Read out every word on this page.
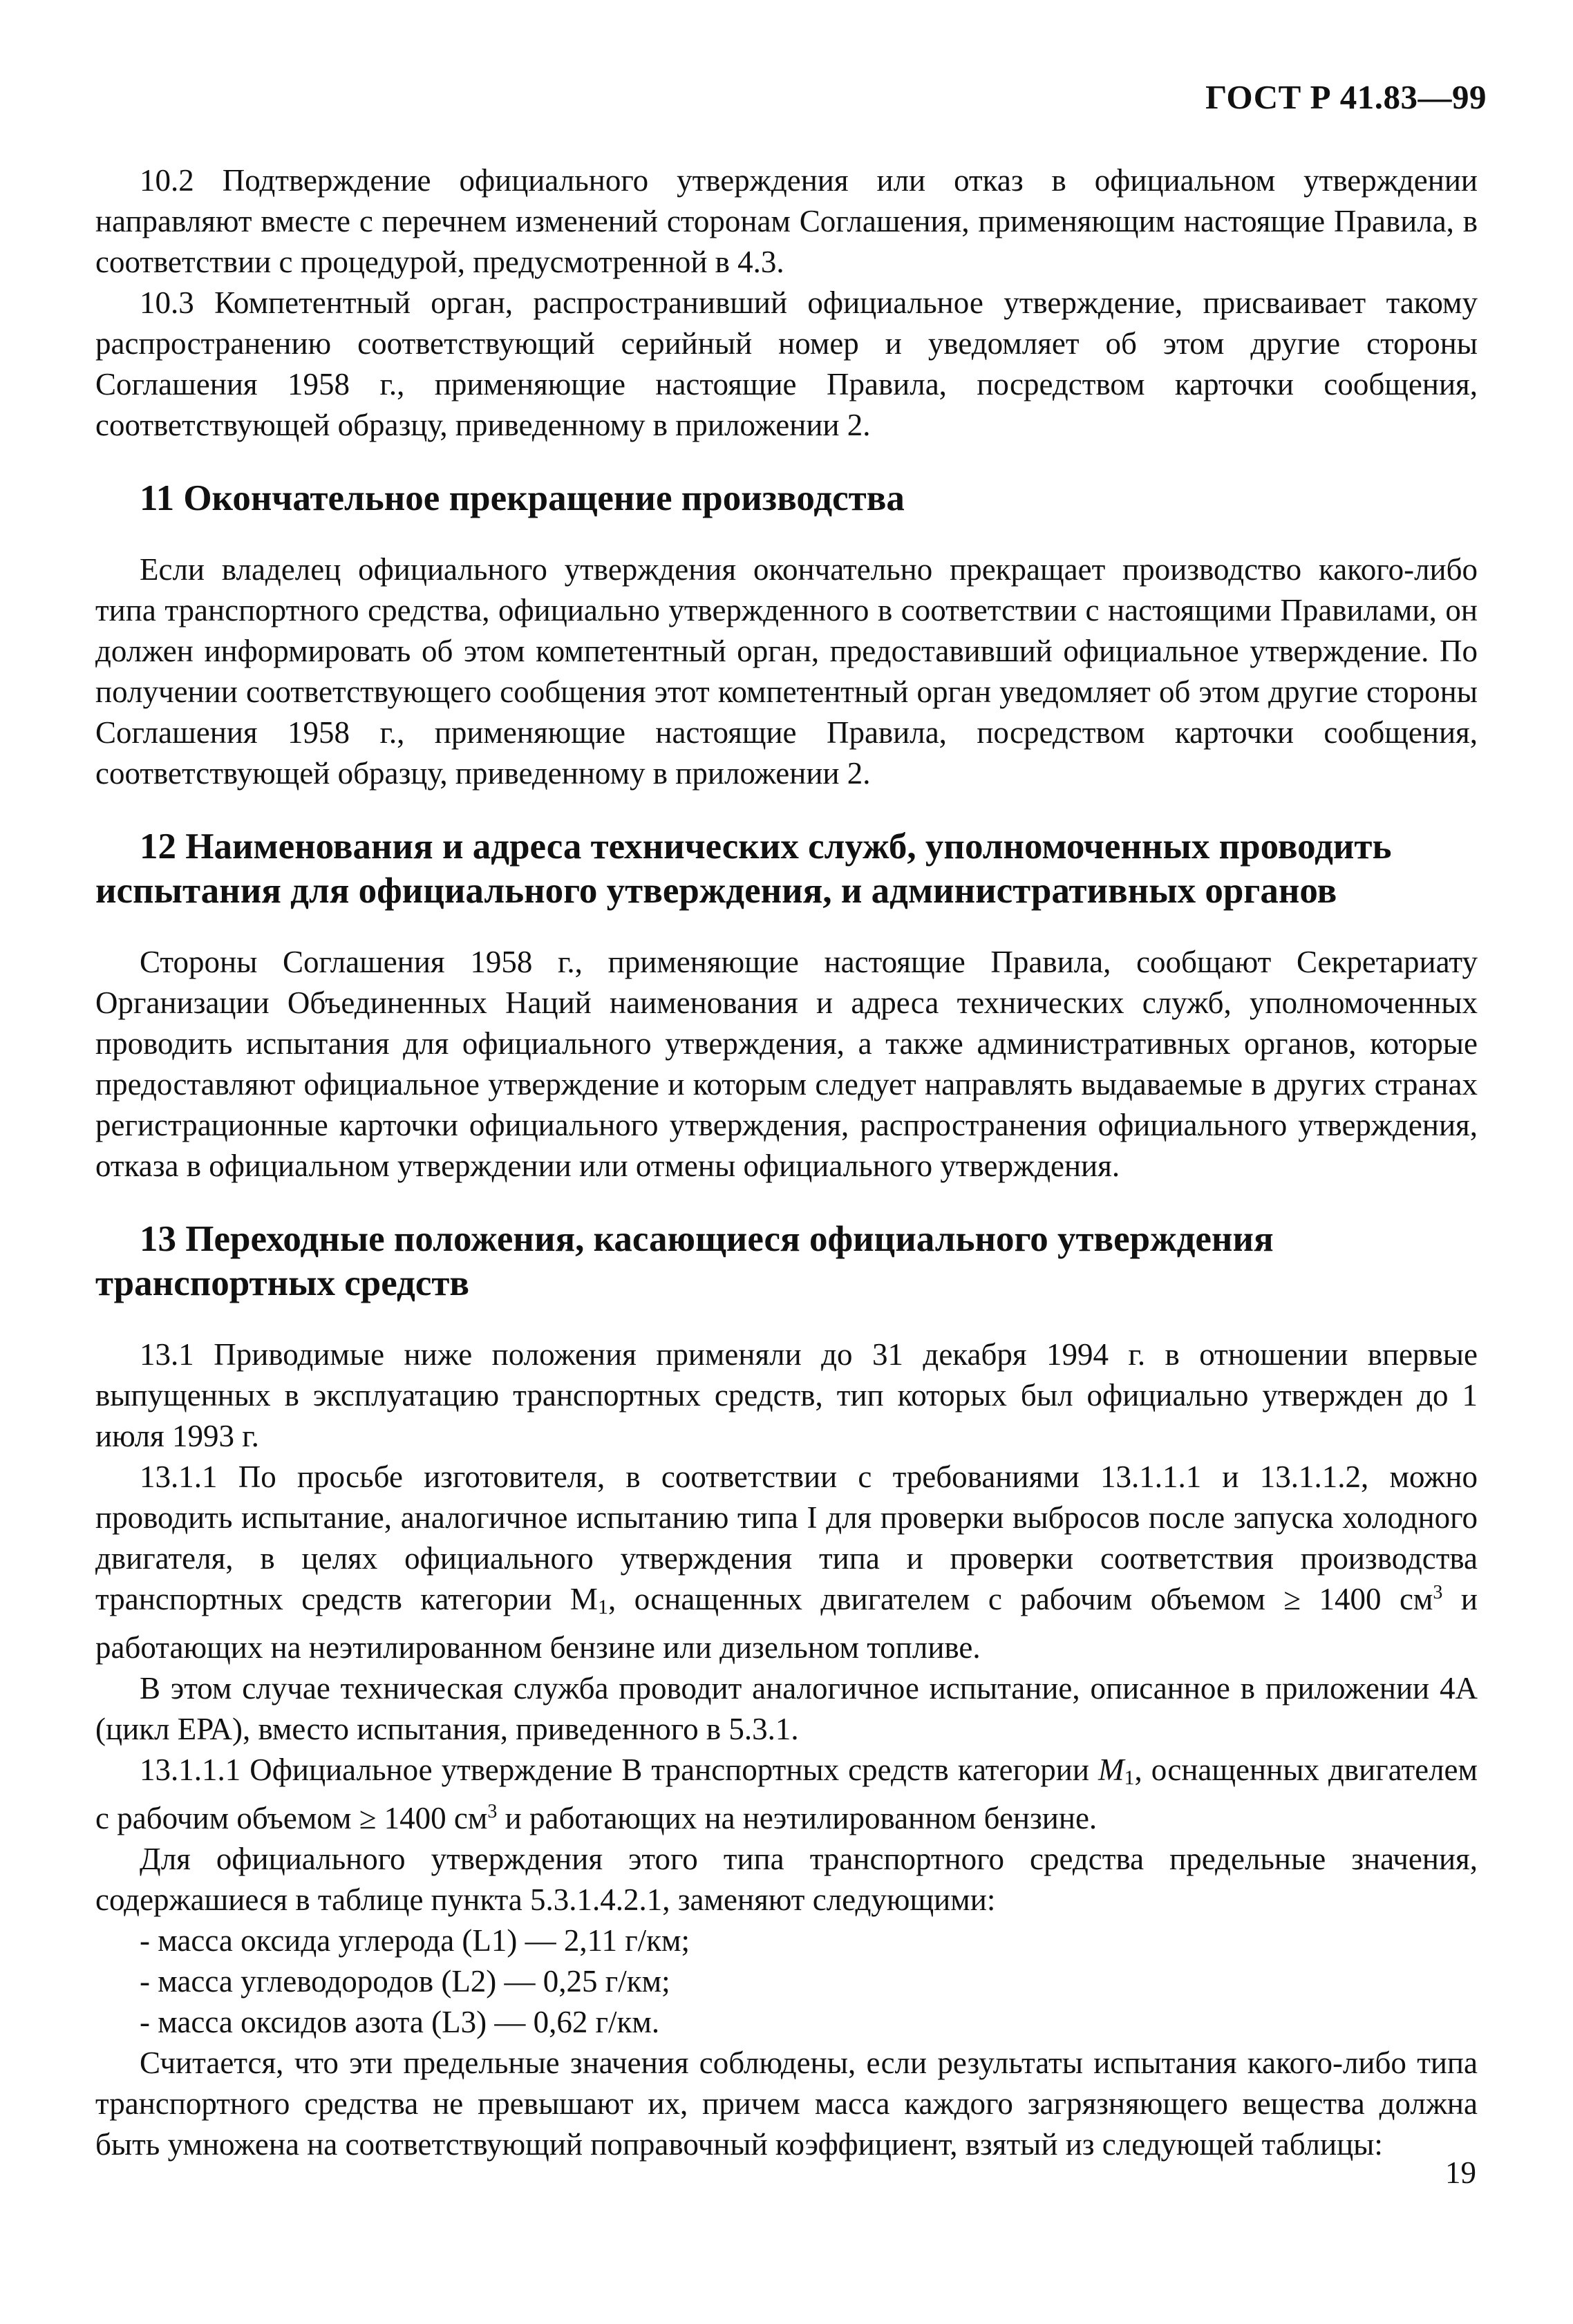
ГОСТ Р 41.83—99

10.2 Подтверждение официального утверждения или отказ в официальном утверждении направляют вместе с перечнем изменений сторонам Соглашения, применяющим настоящие Правила, в соответствии с процедурой, предусмотренной в 4.3.

10.3 Компетентный орган, распространивший официальное утверждение, присваивает такому распространению соответствующий серийный номер и уведомляет об этом другие стороны Соглашения 1958 г., применяющие настоящие Правила, посредством карточки сообщения, соответствующей образцу, приведенному в приложении 2.

11 Окончательное прекращение производства

Если владелец официального утверждения окончательно прекращает производство какого-либо типа транспортного средства, официально утвержденного в соответствии с настоящими Правилами, он должен информировать об этом компетентный орган, предоставивший официальное утверждение. По получении соответствующего сообщения этот компетентный орган уведомляет об этом другие стороны Соглашения 1958 г., применяющие настоящие Правила, посредством карточки сообщения, соответствующей образцу, приведенному в приложении 2.

12 Наименования и адреса технических служб, уполномоченных проводить испытания для официального утверждения, и административных органов

Стороны Соглашения 1958 г., применяющие настоящие Правила, сообщают Секретариату Организации Объединенных Наций наименования и адреса технических служб, уполномоченных проводить испытания для официального утверждения, а также административных органов, которые предоставляют официальное утверждение и которым следует направлять выдаваемые в других странах регистрационные карточки официального утверждения, распространения официального утверждения, отказа в официальном утверждении или отмены официального утверждения.

13 Переходные положения, касающиеся официального утверждения транспортных средств

13.1 Приводимые ниже положения применяли до 31 декабря 1994 г. в отношении впервые выпущенных в эксплуатацию транспортных средств, тип которых был официально утвержден до 1 июля 1993 г.

13.1.1 По просьбе изготовителя, в соответствии с требованиями 13.1.1.1 и 13.1.1.2, можно проводить испытание, аналогичное испытанию типа I для проверки выбросов после запуска холодного двигателя, в целях официального утверждения типа и проверки соответствия производства транспортных средств категории $М_1$, оснащенных двигателем с рабочим объемом ≥ 1400 $см^3$ и работающих на неэтилированном бензине или дизельном топливе.

В этом случае техническая служба проводит аналогичное испытание, описанное в приложении 4А (цикл ЕРА), вместо испытания, приведенного в 5.3.1.

13.1.1.1 Официальное утверждение В транспортных средств категории $М_1$, оснащенных двигателем с рабочим объемом ≥ 1400 $см^3$ и работающих на неэтилированном бензине.

Для официального утверждения этого типа транспортного средства предельные значения, содержашиеся в таблице пункта 5.3.1.4.2.1, заменяют следующими:

- масса оксида углерода (L1) — 2,11 г/км;

- масса углеводородов (L2) — 0,25 г/км;

- масса оксидов азота (L3) — 0,62 г/км.

Считается, что эти предельные значения соблюдены, если результаты испытания какого-либо типа транспортного средства не превышают их, причем масса каждого загрязняющего вещества должна быть умножена на соответствующий поправочный коэффициент, взятый из следующей таблицы:

19
